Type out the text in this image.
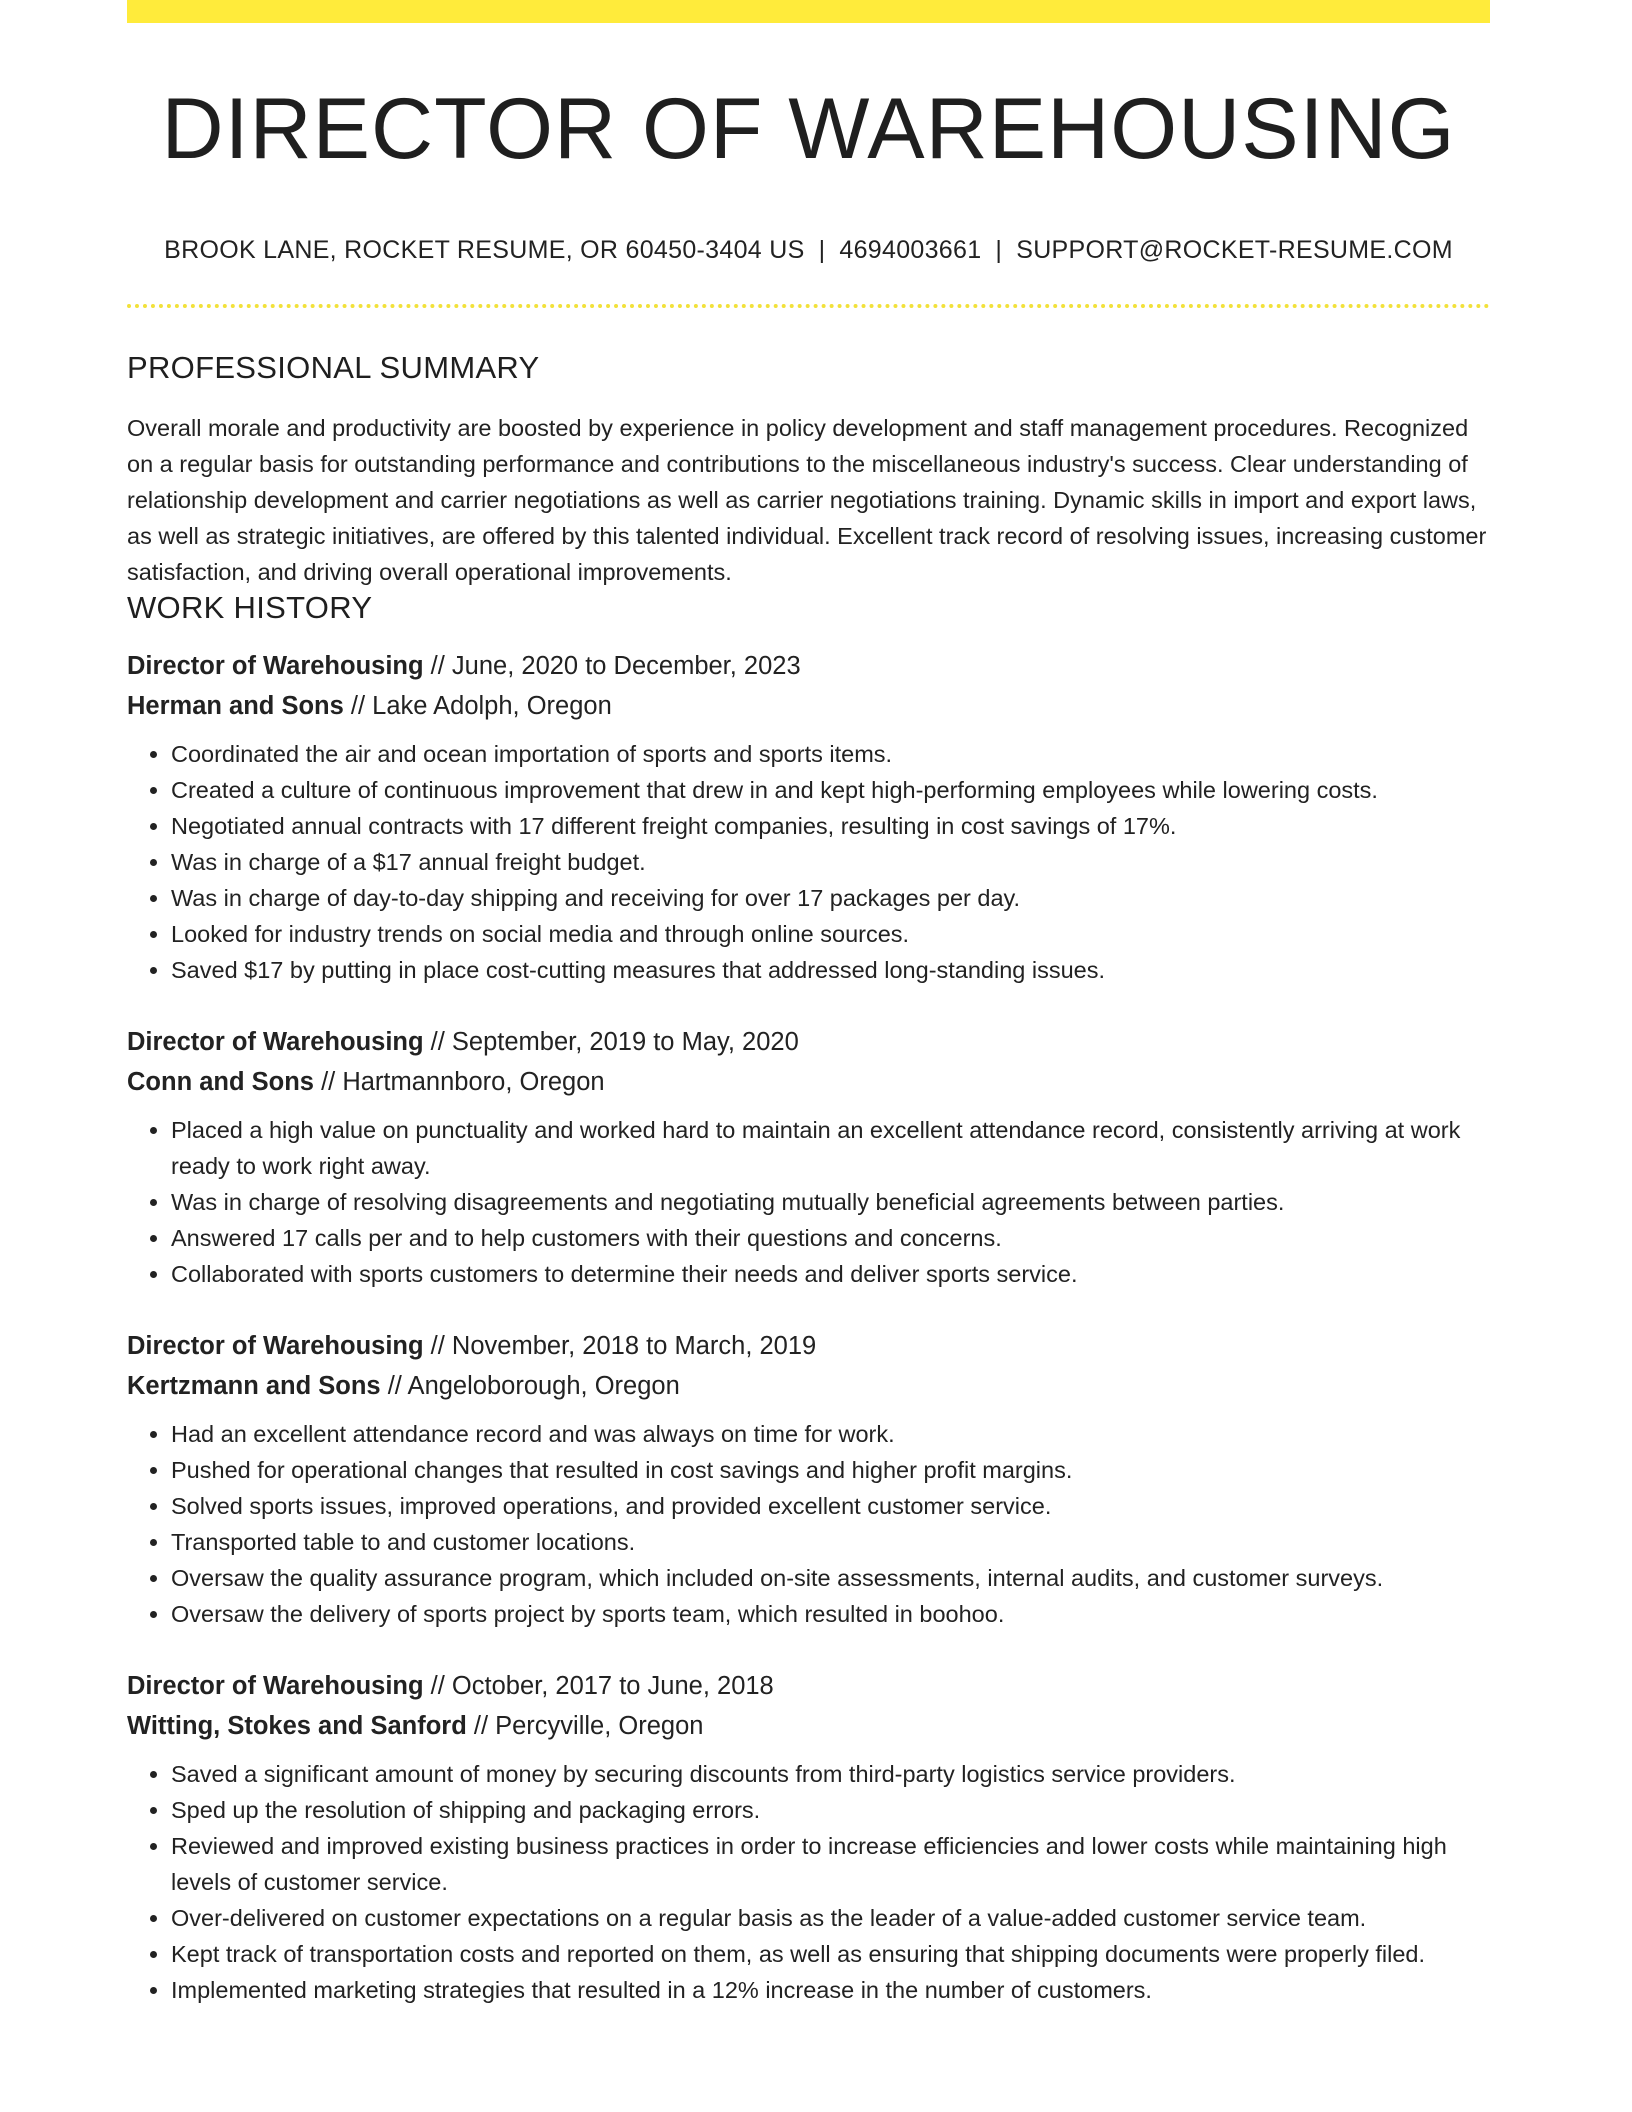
DIRECTOR OF WAREHOUSING
BROOK LANE, ROCKET RESUME, OR 60450-3404 US | 4694003661 | SUPPORT@ROCKET-RESUME.COM
PROFESSIONAL SUMMARY

Overall morale and productivity are boosted by experience in policy development and staff management procedures. Recognized on a regular basis for outstanding performance and contributions to the miscellaneous industry's success. Clear understanding of relationship development and carrier negotiations as well as carrier negotiations training. Dynamic skills in import and export laws, as well as strategic initiatives, are offered by this talented individual. Excellent track record of resolving issues, increasing customer satisfaction, and driving overall operational improvements.

WORK HISTORY
Director of Warehousing // June, 2020 to December, 2023
Herman and Sons // Lake Adolph, Oregon
• Coordinated the air and ocean importation of sports and sports items.
• Created a culture of continuous improvement that drew in and kept high-performing employees while lowering costs.
• Negotiated annual contracts with 17 different freight companies, resulting in cost savings of 17%.
• Was in charge of a $17 annual freight budget.
• Was in charge of day-to-day shipping and receiving for over 17 packages per day.
• Looked for industry trends on social media and through online sources.
• Saved $17 by putting in place cost-cutting measures that addressed long-standing issues.
Director of Warehousing // September, 2019 to May, 2020
Conn and Sons // Hartmannboro, Oregon
• Placed a high value on punctuality and worked hard to maintain an excellent attendance record, consistently arriving at work ready to work right away.
• Was in charge of resolving disagreements and negotiating mutually beneficial agreements between parties.
• Answered 17 calls per and to help customers with their questions and concerns.
• Collaborated with sports customers to determine their needs and deliver sports service.
Director of Warehousing // November, 2018 to March, 2019
Kertzmann and Sons // Angeloborough, Oregon
• Had an excellent attendance record and was always on time for work.
• Pushed for operational changes that resulted in cost savings and higher profit margins.
• Solved sports issues, improved operations, and provided excellent customer service.
• Transported table to and customer locations.
• Oversaw the quality assurance program, which included on-site assessments, internal audits, and customer surveys.
• Oversaw the delivery of sports project by sports team, which resulted in boohoo.
Director of Warehousing // October, 2017 to June, 2018
Witting, Stokes and Sanford // Percyville, Oregon
• Saved a significant amount of money by securing discounts from third-party logistics service providers.
• Sped up the resolution of shipping and packaging errors.
• Reviewed and improved existing business practices in order to increase efficiencies and lower costs while maintaining high levels of customer service.
• Over-delivered on customer expectations on a regular basis as the leader of a value-added customer service team.
• Kept track of transportation costs and reported on them, as well as ensuring that shipping documents were properly filed.
• Implemented marketing strategies that resulted in a 12% increase in the number of customers.
